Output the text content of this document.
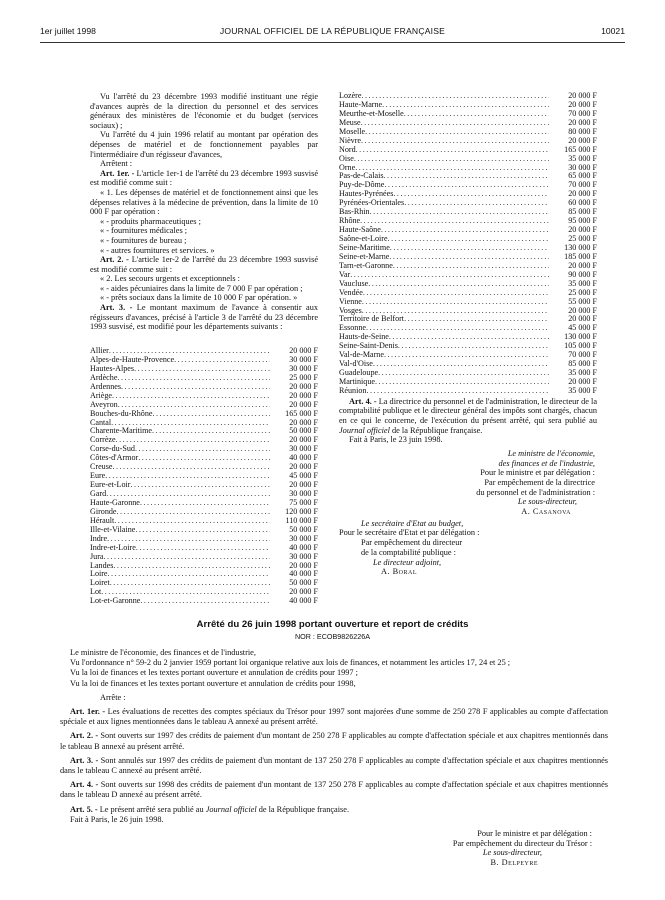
1er juillet 1998	JOURNAL OFFICIEL DE LA RÉPUBLIQUE FRANÇAISE	10021

Vu l'arrêté du 23 décembre 1993 modifié instituant une régie d'avances auprès de la direction du personnel et des services généraux des ministères de l'économie et du budget (services sociaux) ;

Vu l'arrêté du 4 juin 1996 relatif au montant par opération des dépenses de matériel et de fonctionnement payables par l'intermédiaire d'un régisseur d'avances,

Arrêtent :

Art. 1er. - L'article 1er-1 de l'arrêté du 23 décembre 1993 susvisé est modifié comme suit :

« 1. Les dépenses de matériel et de fonctionnement ainsi que les dépenses relatives à la médecine de prévention, dans la limite de 10 000 F par opération :

« - produits pharmaceutiques ;

« - fournitures médicales ;

« - fournitures de bureau ;

« - autres fournitures et services. »

Art. 2. - L'article 1er-2 de l'arrêté du 23 décembre 1993 susvisé est modifié comme suit :

« 2. Les secours urgents et exceptionnels :

« - aides pécuniaires dans la limite de 7 000 F par opération ;

« - prêts sociaux dans la limite de 10 000 F par opération. »

Art. 3. - Le montant maximum de l'avance à consentir aux régisseurs d'avances, précisé à l'article 3 de l'arrêté du 23 décembre 1993 susvisé, est modifié pour les départements suivants :

Allier .....	20 000 F
Alpes-de-Haute-Provence .....	30 000 F
Hautes-Alpes .....	30 000 F
Ardèche .....	25 000 F
Ardennes .....	20 000 F
Ariège .....	20 000 F
Aveyron .....	20 000 F
Bouches-du-Rhône .....	165 000 F
Cantal .....	20 000 F
Charente-Maritime .....	50 000 F
Corrèze .....	20 000 F
Corse-du-Sud .....	30 000 F
Côtes-d'Armor .....	40 000 F
Creuse .....	20 000 F
Eure .....	45 000 F
Eure-et-Loir .....	20 000 F
Gard .....	30 000 F
Haute-Garonne .....	75 000 F
Gironde .....	120 000 F
Hérault .....	110 000 F
Ille-et-Vilaine .....	50 000 F
Indre .....	30 000 F
Indre-et-Loire .....	40 000 F
Jura .....	30 000 F
Landes .....	20 000 F
Loire .....	40 000 F
Loiret .....	50 000 F
Lot .....	20 000 F
Lot-et-Garonne .....	40 000 F
Lozère .....	20 000 F
Haute-Marne .....	20 000 F
Meurthe-et-Moselle .....	70 000 F
Meuse .....	20 000 F
Moselle .....	80 000 F
Nièvre .....	20 000 F
Nord .....	165 000 F
Oise .....	35 000 F
Orne .....	30 000 F
Pas-de-Calais .....	65 000 F
Puy-de-Dôme .....	70 000 F
Hautes-Pyrénées .....	20 000 F
Pyrénées-Orientales .....	60 000 F
Bas-Rhin .....	85 000 F
Rhône .....	95 000 F
Haute-Saône .....	20 000 F
Saône-et-Loire .....	25 000 F
Seine-Maritime .....	130 000 F
Seine-et-Marne .....	185 000 F
Tarn-et-Garonne .....	20 000 F
Var .....	90 000 F
Vaucluse .....	35 000 F
Vendée .....	25 000 F
Vienne .....	55 000 F
Vosges .....	20 000 F
Territoire de Belfort .....	20 000 F
Essonne .....	45 000 F
Hauts-de-Seine .....	130 000 F
Seine-Saint-Denis .....	105 000 F
Val-de-Marne .....	70 000 F
Val-d'Oise .....	85 000 F
Guadeloupe .....	35 000 F
Martinique .....	20 000 F
Réunion .....	35 000 F

Art. 4. - La directrice du personnel et de l'administration, le directeur de la comptabilité publique et le directeur général des impôts sont chargés, chacun en ce qui le concerne, de l'exécution du présent arrêté, qui sera publié au Journal officiel de la République française.

Fait à Paris, le 23 juin 1998.

Le ministre de l'économie,
des finances et de l'industrie,
Pour le ministre et par délégation :
Par empêchement de la directrice
du personnel et de l'administration :
Le sous-directeur,
A. Casanova
Le secrétaire d'Etat au budget,
Pour le secrétaire d'Etat et par délégation :
Par empêchement du directeur
de la comptabilité publique :
Le directeur adjoint,
A. Boral
Arrêté du 26 juin 1998 portant ouverture et report de crédits
NOR : ECOB9826226A

Le ministre de l'économie, des finances et de l'industrie,

Vu l'ordonnance n° 59-2 du 2 janvier 1959 portant loi organique relative aux lois de finances, et notamment les articles 17, 24 et 25 ;

Vu la loi de finances et les textes portant ouverture et annulation de crédits pour 1997 ;

Vu la loi de finances et les textes portant ouverture et annulation de crédits pour 1998,

Arrête :

Art. 1er. - Les évaluations de recettes des comptes spéciaux du Trésor pour 1997 sont majorées d'une somme de 250 278 F applicables au compte d'affectation spéciale et aux lignes mentionnées dans le tableau A annexé au présent arrêté.

Art. 2. - Sont ouverts sur 1997 des crédits de paiement d'un montant de 250 278 F applicables au compte d'affectation spéciale et aux chapitres mentionnés dans le tableau B annexé au présent arrêté.

Art. 3. - Sont annulés sur 1997 des crédits de paiement d'un montant de 137 250 278 F applicables au compte d'affectation spéciale et aux chapitres mentionnés dans le tableau C annexé au présent arrêté.

Art. 4. - Sont ouverts sur 1998 des crédits de paiement d'un montant de 137 250 278 F applicables au compte d'affectation spéciale et aux chapitres mentionnés dans le tableau D annexé au présent arrêté.

Art. 5. - Le présent arrêté sera publié au Journal officiel de la République française.

Fait à Paris, le 26 juin 1998.

Pour le ministre et par délégation :
Par empêchement du directeur du Trésor :
Le sous-directeur,
B. Delpeyre
